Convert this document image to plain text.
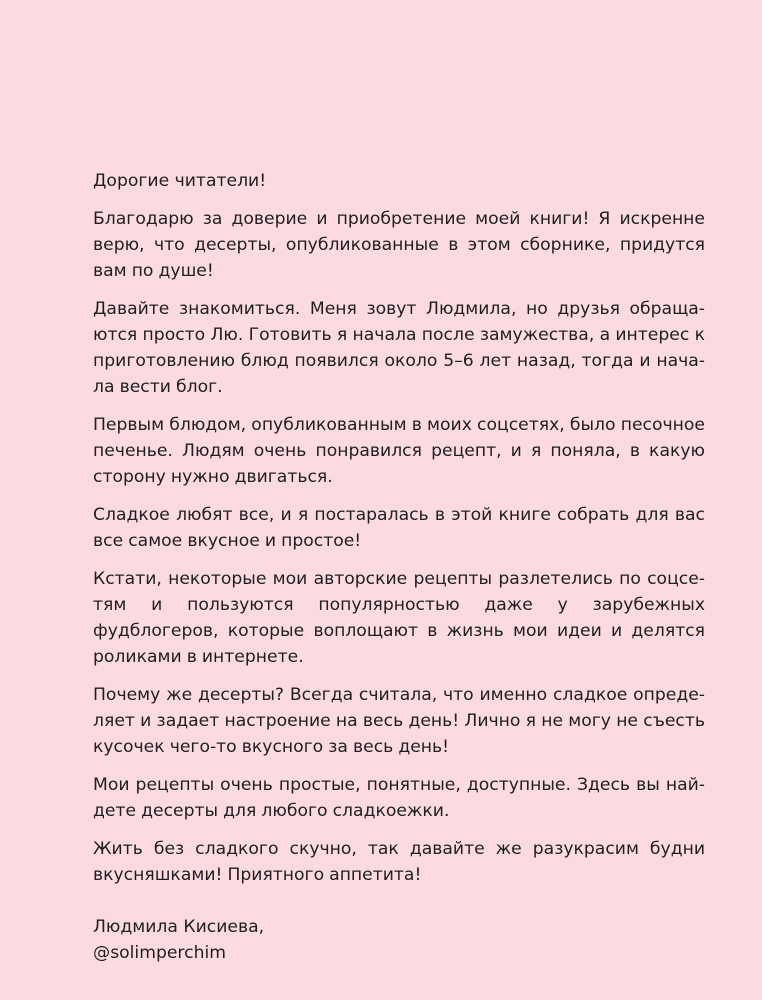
Дорогие читатели!

Благодарю за доверие и приобретение моей книги! Я искренне верю, что десерты, опубликованные в этом сборнике, придутся вам по душе!

Давайте знакомиться. Меня зовут Людмила, но друзья обращаются просто Лю. Готовить я начала после замужества, а интерес к приготовлению блюд появился около 5–6 лет назад, тогда и начала вести блог.

Первым блюдом, опубликованным в моих соцсетях, было песочное печенье. Людям очень понравился рецепт, и я поняла, в какую сторону нужно двигаться.

Сладкое любят все, и я постаралась в этой книге собрать для вас все самое вкусное и простое!

Кстати, некоторые мои авторские рецепты разлетелись по соцсетям и пользуются популярностью даже у зарубежных фудблогеров, которые воплощают в жизнь мои идеи и делятся роликами в интернете.

Почему же десерты? Всегда считала, что именно сладкое определяет и задает настроение на весь день! Лично я не могу не съесть кусочек чего-то вкусного за весь день!

Мои рецепты очень простые, понятные, доступные. Здесь вы найдете десерты для любого сладкоежки.

Жить без сладкого скучно, так давайте же разукрасим будни вкусняшками! Приятного аппетита!

Людмила Кисиева,
@solimperchim
